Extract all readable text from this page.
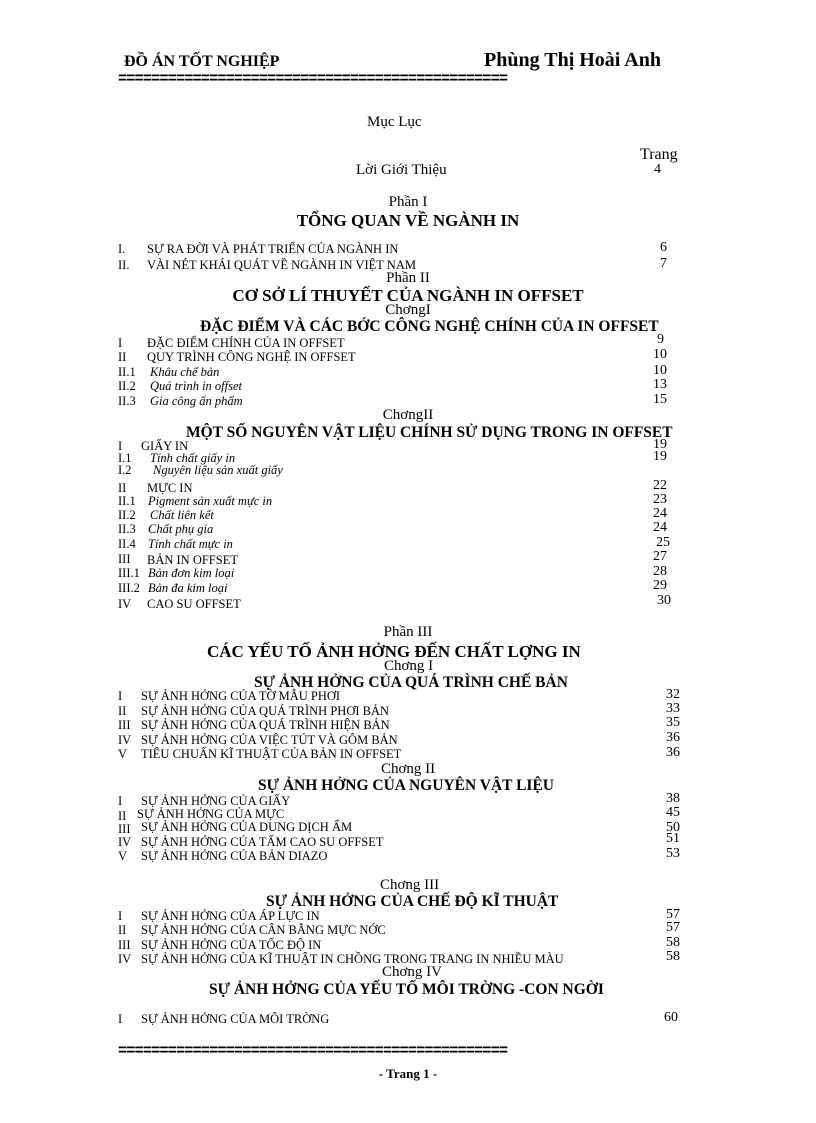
ĐỒ ÁN TỐT NGHIỆP	Phùng Thị Hoài Anh
===============================================
Mục Lục
Trang
Lời Giới Thiệu	4
Phần I
TỔNG QUAN VỀ NGÀNH IN
I. SỰ RA ĐỜI VÀ PHÁT TRIỂN CỦA NGÀNH IN	6
II. VÀI NÉT KHÁI QUÁT VỀ NGÀNH IN VIỆT NAM	7
Phần II
CƠ SỞ LÍ THUYẾT CỦA NGÀNH IN OFFSET
ChơngI
ĐẶC ĐIỂM VÀ CÁC BỚC CÔNG NGHỆ CHÍNH CỦA IN OFFSET
I ĐẶC ĐIỂM CHÍNH CỦA IN OFFSET	9
II QUY TRÌNH CÔNG NGHỆ IN OFFSET	10
II.1 Khâu chế bản	10
II.2 Quá trình in offset	13
II.3 Gia công ấn phẩm	15
ChơngII
MỘT SỐ NGUYÊN VẬT LIỆU CHÍNH SỬ DỤNG TRONG IN OFFSET
I GIẤY IN	19
I.1 Tính chất giấy in	19
I.2 Nguyên liệu sản xuất giấy
II MỰC IN	22
II.1 Pigment sản xuất mực in	23
II.2 Chất liên kết	24
II.3 Chất phụ gia	24
II.4 Tính chất mực in	25
III BẢN IN OFFSET	27
III.1 Bản đơn kim loại	28
III.2 Bản đa kim loại	29
IV CAO SU OFFSET	30
Phần III
CÁC YẾU TỐ ẢNH HỞNG ĐẾN CHẤT LỢNG IN
Chơng I
SỰ ẢNH HỞNG CỦA QUÁ TRÌNH CHẾ BẢN
I SỰ ẢNH HỞNG CỦA TỜ MẪU PHƠI	32
II SỰ ẢNH HỞNG CỦA QUÁ TRÌNH PHƠI BẢN	33
III SỰ ẢNH HỞNG CỦA QUÁ TRÌNH HIỆN BẢN	35
IV SỰ ẢNH HỞNG CỦA VIỆC TÚT VÀ GÔM BẢN	36
V TIÊU CHUẨN KĨ THUẬT CỦA BẢN IN OFFSET	36
Chơng II
SỰ ẢNH HỞNG CỦA NGUYÊN VẬT LIỆU
I SỰ ẢNH HỞNG CỦA GIẤY	38
II SỰ ẢNH HỞNG CỦA MỰC	45
III SỰ ẢNH HỞNG CỦA DUNG DỊCH ẨM	50
IV SỰ ẢNH HỞNG CỦA TẤM CAO SU OFFSET	51
V SỰ ẢNH HỞNG CỦA BẢN DIAZO	53
Chơng III
SỰ ẢNH HỞNG CỦA CHẾ ĐỘ KĨ THUẬT
I SỰ ẢNH HỞNG CỦA ÁP LỰC IN	57
II SỰ ẢNH HỞNG CỦA CÂN BẰNG MỰC NỚC	57
III SỰ ẢNH HỞNG CỦA TỐC ĐỘ IN	58
IV SỰ ẢNH HỞNG CỦA KĨ THUẬT IN CHỒNG TRONG TRANG IN NHIỀU MÀU	58
Chơng IV
SỰ ẢNH HỞNG CỦA YẾU TỐ MÔI TRỜNG -CON NGỜI
I SỰ ẢNH HỞNG CỦA MÔI TRỜNG	60
===============================================
- Trang 1 -
